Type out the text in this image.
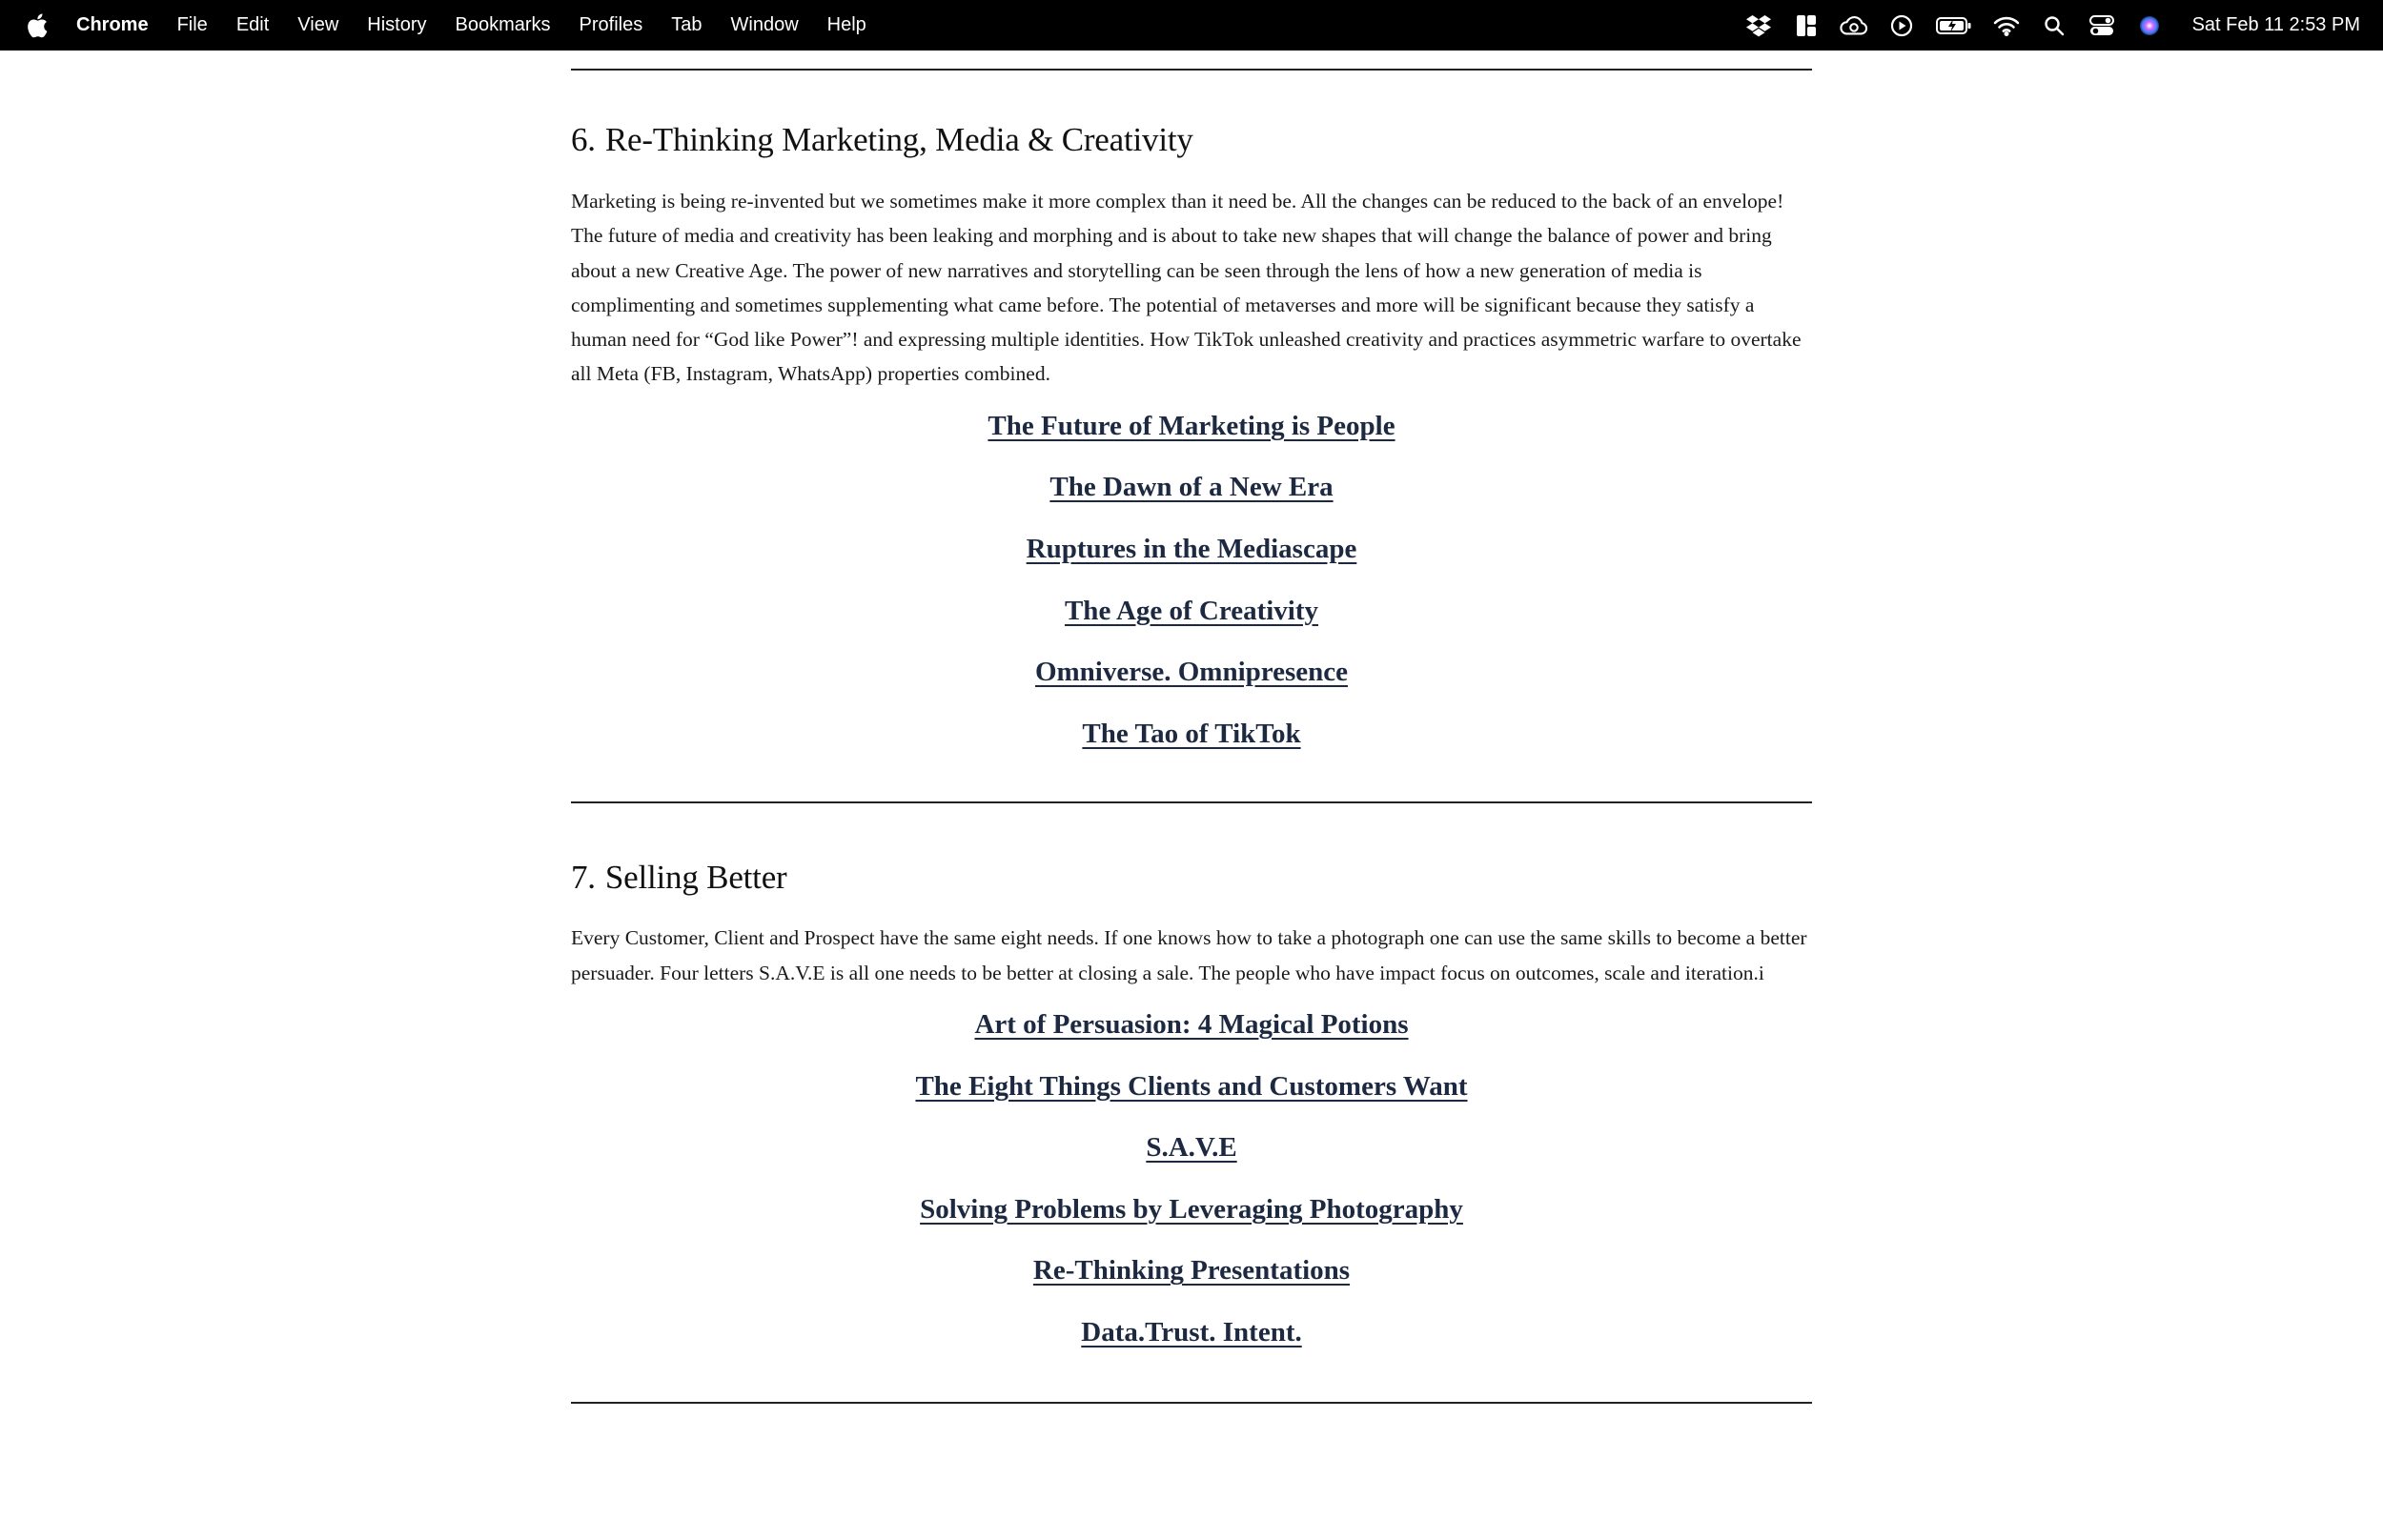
Chrome File Edit View History Bookmarks Profiles Tab Window Help	Sat Feb 11 2:53 PM
6. Re-Thinking Marketing, Media & Creativity

Marketing is being re-invented but we sometimes make it more complex than it need be. All the changes can be reduced to the back of an envelope! The future of media and creativity has been leaking and morphing and is about to take new shapes that will change the balance of power and bring about a new Creative Age. The power of new narratives and storytelling can be seen through the lens of how a new generation of media is complimenting and sometimes supplementing what came before. The potential of metaverses and more will be significant because they satisfy a human need for “God like Power”! and expressing multiple identities. How TikTok unleashed creativity and practices asymmetric warfare to overtake all Meta (FB, Instagram, WhatsApp) properties combined.

The Future of Marketing is People
The Dawn of a New Era
Ruptures in the Mediascape
The Age of Creativity
Omniverse. Omnipresence
The Tao of TikTok
7. Selling Better

Every Customer, Client and Prospect have the same eight needs. If one knows how to take a photograph one can use the same skills to become a better persuader. Four letters S.A.V.E is all one needs to be better at closing a sale. The people who have impact focus on outcomes, scale and iteration.i

Art of Persuasion: 4 Magical Potions
The Eight Things Clients and Customers Want
S.A.V.E
Solving Problems by Leveraging Photography
Re-Thinking Presentations
Data.Trust. Intent.
